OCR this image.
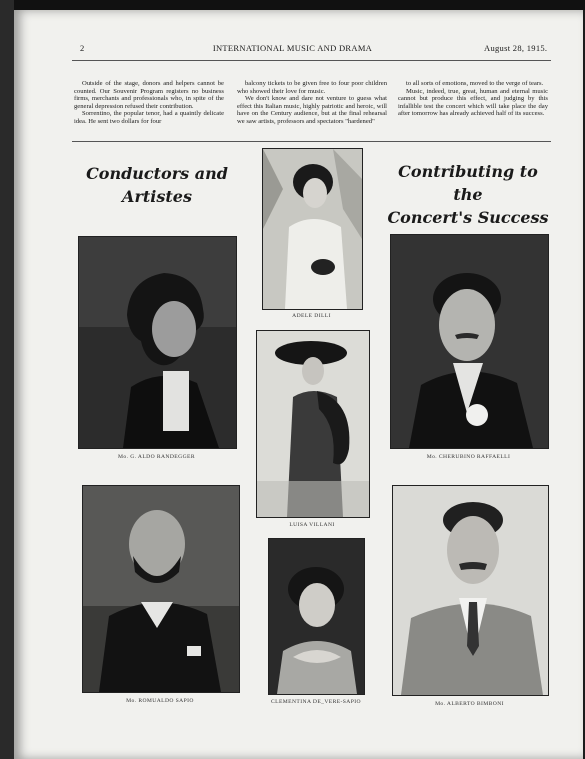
2	INTERNATIONAL MUSIC AND DRAMA	August 28, 1915.

Outside of the stage, donors and helpers cannot be counted. Our Souvenir Program registers no business firms, merchants and professionals who, in spite of the general depression refused their contribution.

Sorrentino, the popular tenor, had a quaintly delicate idea. He sent two dollars for four

balcony tickets to be given free to four poor children who showed their love for music.

We don't know and dare not venture to guess what effect this Italian music, highly patriotic and heroic, will have on the Century audience, but at the final rehearsal we saw artists, professors and spectators "hardened"

to all sorts of emotions, moved to the verge of tears.

Music, indeed, true, great, human and eternal music cannot but produce this effect, and judging by this infallible test the concert which will take place the day after tomorrow has already achieved half of its success.

Conductors and
Artistes
Contributing to the
Concert's Success
Mo. G. ALDO RANDEGGER
ADELE DILLI
Mo. CHERUBINO RAFFAELLI
LUISA VILLANI
Mo. ROMUALDO SAPIO	CLEMENTINA DE_VERE-SAPIO	Mo. ALBERTO BIMBONI
